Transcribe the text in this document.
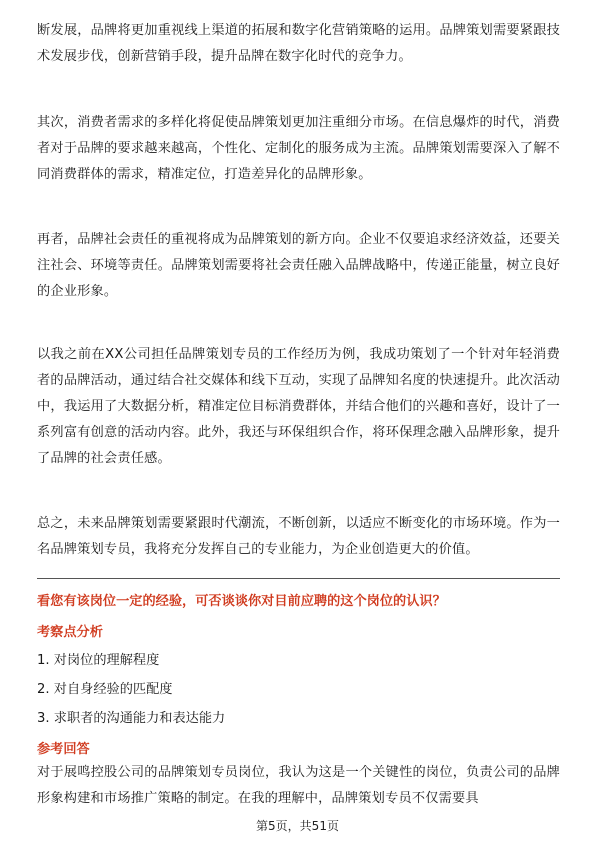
断发展，品牌将更加重视线上渠道的拓展和数字化营销策略的运用。品牌策划需要紧跟技术发展步伐，创新营销手段，提升品牌在数字化时代的竞争力。

其次，消费者需求的多样化将促使品牌策划更加注重细分市场。在信息爆炸的时代，消费者对于品牌的要求越来越高，个性化、定制化的服务成为主流。品牌策划需要深入了解不同消费群体的需求，精准定位，打造差异化的品牌形象。

再者，品牌社会责任的重视将成为品牌策划的新方向。企业不仅要追求经济效益，还要关注社会、环境等责任。品牌策划需要将社会责任融入品牌战略中，传递正能量，树立良好的企业形象。

以我之前在XX公司担任品牌策划专员的工作经历为例，我成功策划了一个针对年轻消费者的品牌活动，通过结合社交媒体和线下互动，实现了品牌知名度的快速提升。此次活动中，我运用了大数据分析，精准定位目标消费群体，并结合他们的兴趣和喜好，设计了一系列富有创意的活动内容。此外，我还与环保组织合作，将环保理念融入品牌形象，提升了品牌的社会责任感。

总之，未来品牌策划需要紧跟时代潮流，不断创新，以适应不断变化的市场环境。作为一名品牌策划专员，我将充分发挥自己的专业能力，为企业创造更大的价值。

看您有该岗位一定的经验，可否谈谈你对目前应聘的这个岗位的认识？

考察点分析

1. 对岗位的理解程度

2. 对自身经验的匹配度

3. 求职者的沟通能力和表达能力

参考回答

对于展鸣控股公司的品牌策划专员岗位，我认为这是一个关键性的岗位，负责公司的品牌形象构建和市场推广策略的制定。在我的理解中，品牌策划专员不仅需要具

第5页，共51页
